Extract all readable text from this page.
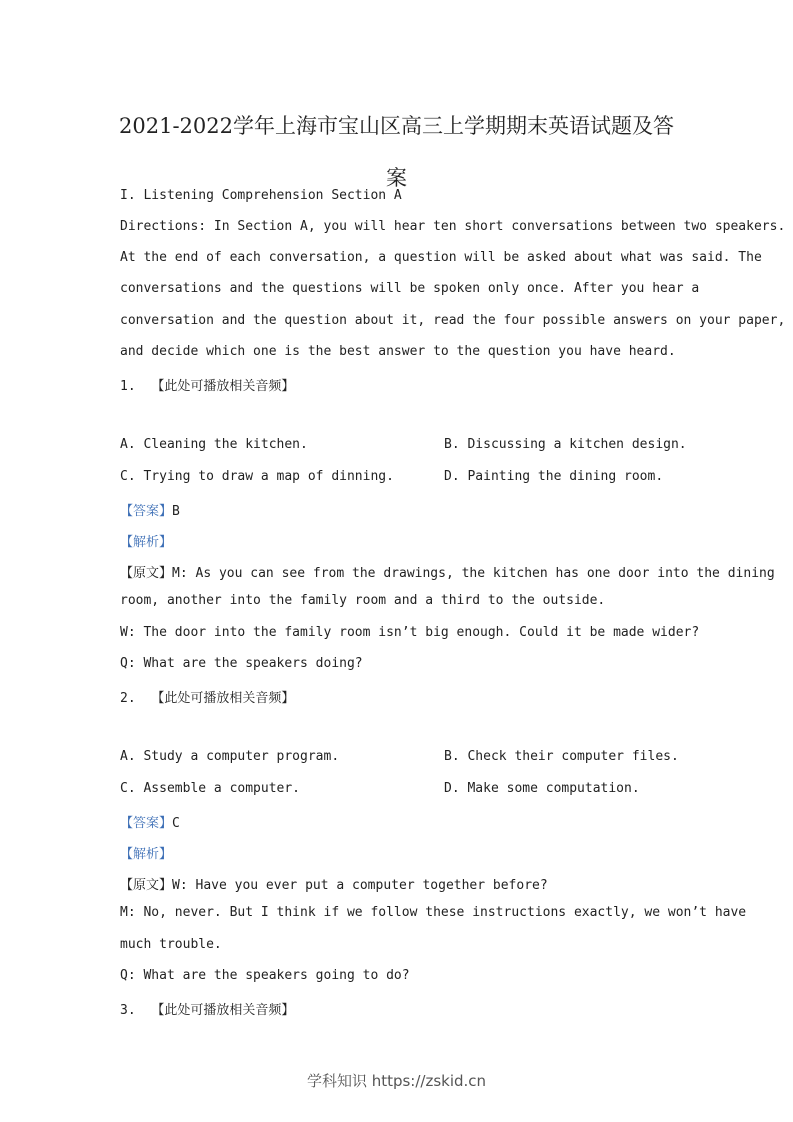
2021-2022学年上海市宝山区高三上学期期末英语试题及答
案
I. Listening Comprehension Section A
Directions: In Section A, you will hear ten short conversations between two speakers.
At the end of each conversation, a question will be asked about what was said. The
conversations and the questions will be spoken only once. After you hear a
conversation and the question about it, read the four possible answers on your paper,
and decide which one is the best answer to the question you have heard.
1. 【此处可播放相关音频】
A. Cleaning the kitchen.	B. Discussing a kitchen design.
C. Trying to draw a map of dinning.	D. Painting the dining room.
【答案】B
【解析】
【原文】M: As you can see from the drawings, the kitchen has one door into the dining
room, another into the family room and a third to the outside.
W: The door into the family room isn’t big enough. Could it be made wider?
Q: What are the speakers doing?
2. 【此处可播放相关音频】
A. Study a computer program.	B. Check their computer files.
C. Assemble a computer.	D. Make some computation.
【答案】C
【解析】
【原文】W: Have you ever put a computer together before?
M: No, never. But I think if we follow these instructions exactly, we won’t have
much trouble.
Q: What are the speakers going to do?
3. 【此处可播放相关音频】
学科知识 https://zskid.cn
